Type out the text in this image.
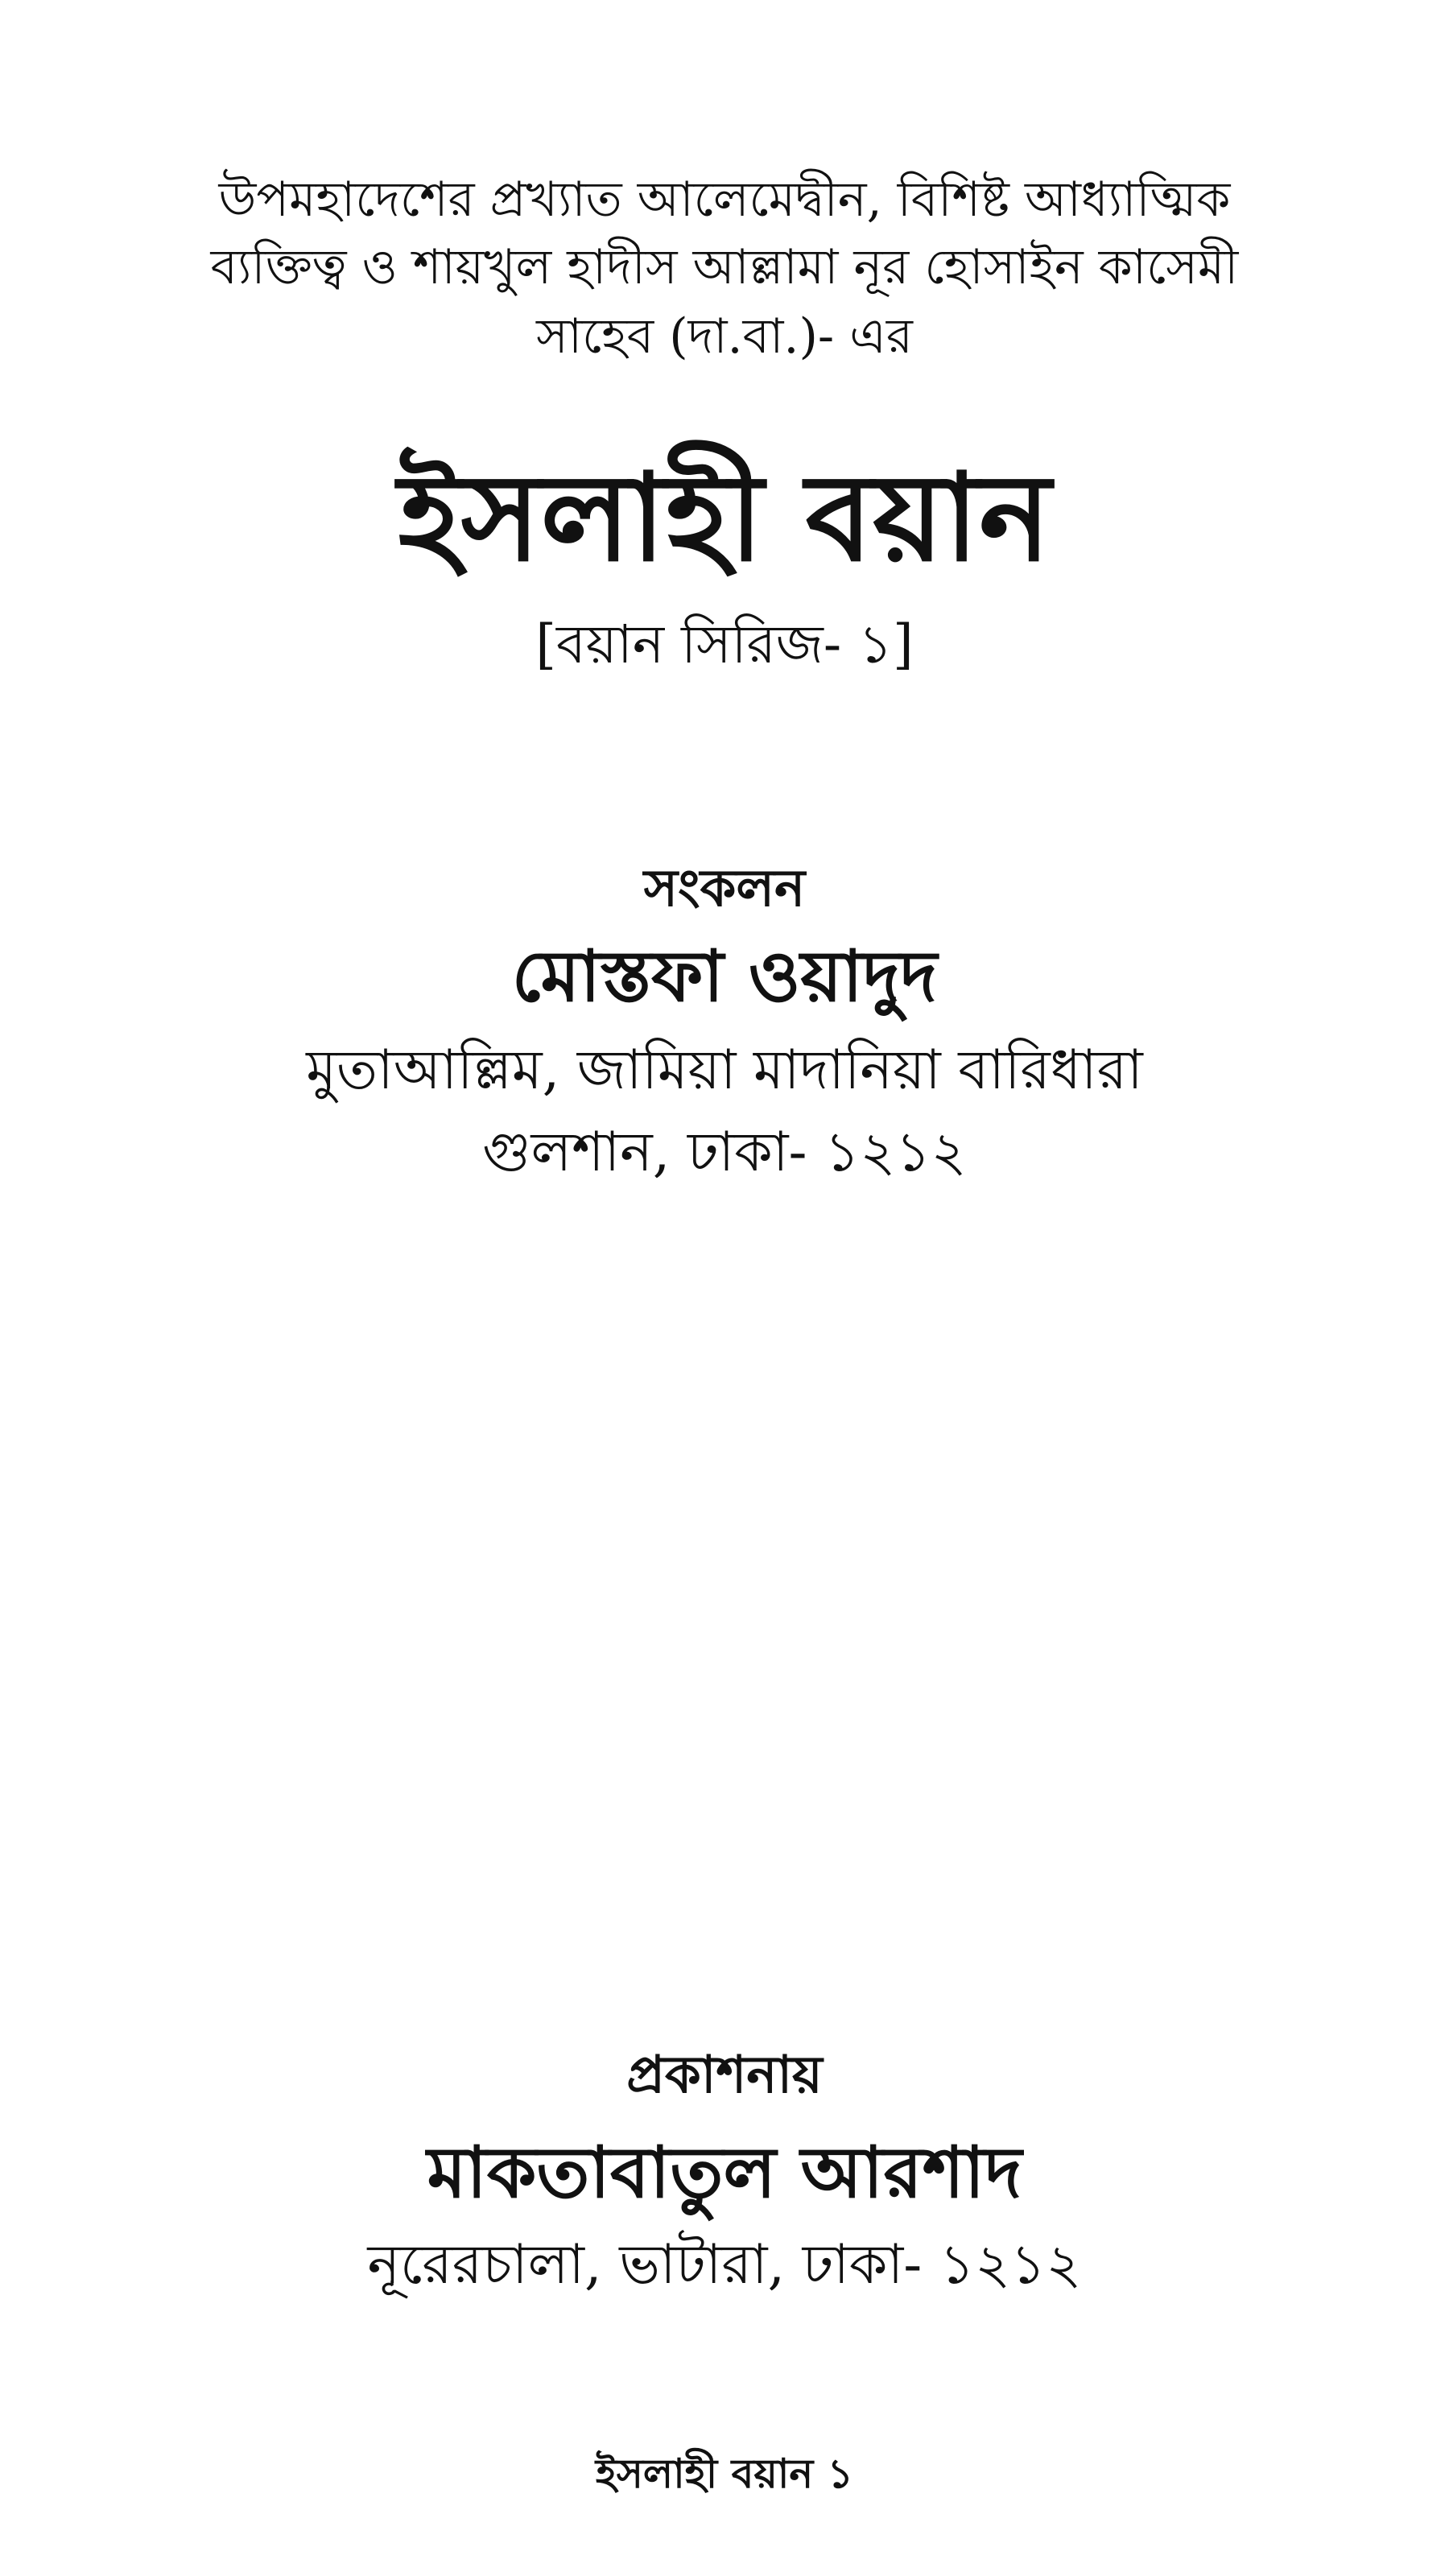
উপমহাদেশের প্রখ্যাত আলেমেদ্বীন, বিশিষ্ট আধ্যাত্মিক
ব্যক্তিত্ব ও শায়খুল হাদীস আল্লামা নূর হোসাইন কাসেমী
সাহেব (দা.বা.)- এর
ইসলাহী বয়ান
[বয়ান সিরিজ- ১]
সংকলন
মোস্তফা ওয়াদুদ
মুতাআল্লিম, জামিয়া মাদানিয়া বারিধারা
গুলশান, ঢাকা- ১২১২
প্রকাশনায়
মাকতাবাতুল আরশাদ
নূরেরচালা, ভাটারা, ঢাকা- ১২১২
ইসলাহী বয়ান ১
